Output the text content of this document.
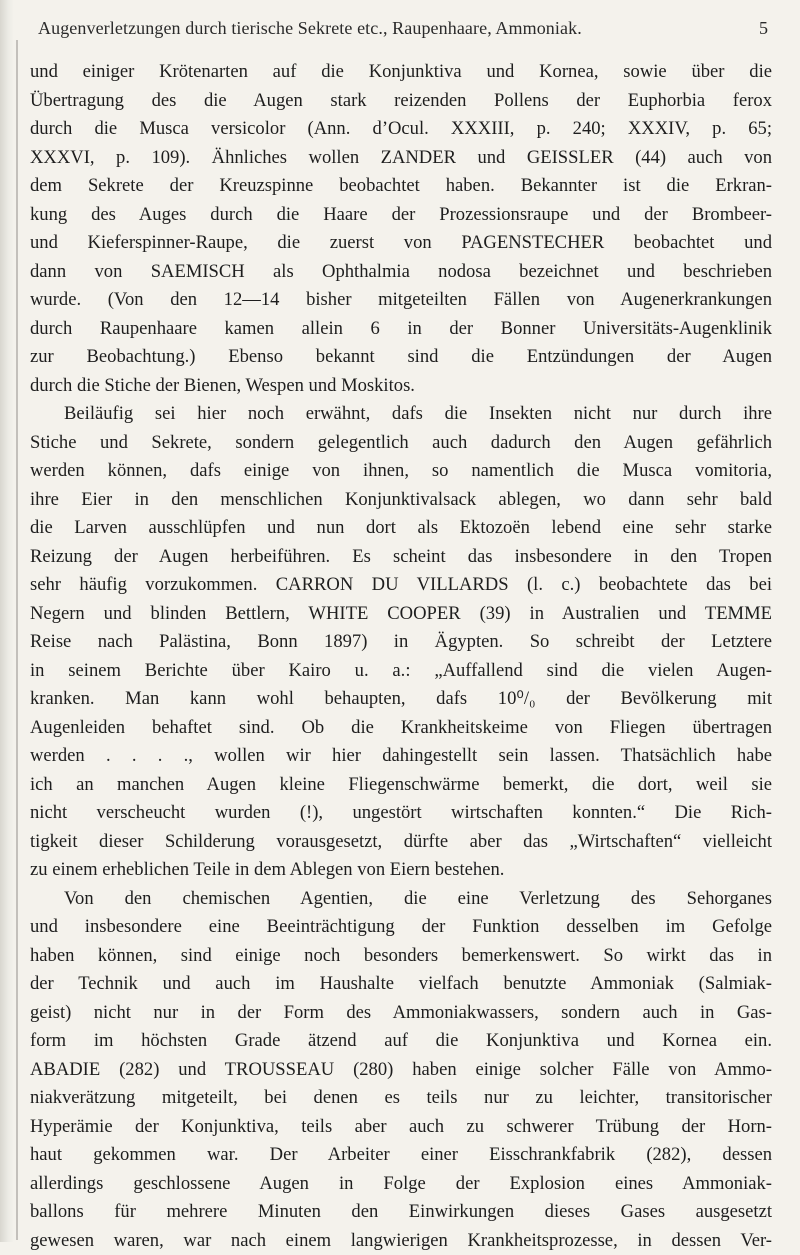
Augenverletzungen durch tierische Sekrete etc., Raupenhaare, Ammoniak.	5
und einiger Krötenarten auf die Konjunktiva und Kornea, sowie über die
Übertragung des die Augen stark reizenden Pollens der Euphorbia ferox
durch die Musca versicolor (Ann. d’Ocul. XXXIII, p. 240; XXXIV, p. 65;
XXXVI, p. 109). Ähnliches wollen ZANDER und GEISSLER (44) auch von
dem Sekrete der Kreuzspinne beobachtet haben. Bekannter ist die Erkran-
kung des Auges durch die Haare der Prozessionsraupe und der Brombeer-
und Kieferspinner-Raupe, die zuerst von PAGENSTECHER beobachtet und
dann von SAEMISCH als Ophthalmia nodosa bezeichnet und beschrieben
wurde. (Von den 12—14 bisher mitgeteilten Fällen von Augenerkrankungen
durch Raupenhaare kamen allein 6 in der Bonner Universitäts-Augenklinik
zur Beobachtung.) Ebenso bekannt sind die Entzündungen der Augen
durch die Stiche der Bienen, Wespen und Moskitos.
Beiläufig sei hier noch erwähnt, dafs die Insekten nicht nur durch ihre
Stiche und Sekrete, sondern gelegentlich auch dadurch den Augen gefährlich
werden können, dafs einige von ihnen, so namentlich die Musca vomitoria,
ihre Eier in den menschlichen Konjunktivalsack ablegen, wo dann sehr bald
die Larven ausschlüpfen und nun dort als Ektozoën lebend eine sehr starke
Reizung der Augen herbeiführen. Es scheint das insbesondere in den Tropen
sehr häufig vorzukommen. CARRON DU VILLARDS (l. c.) beobachtete das bei
Negern und blinden Bettlern, WHITE COOPER (39) in Australien und TEMME
Reise nach Palästina, Bonn 1897) in Ägypten. So schreibt der Letztere
in seinem Berichte über Kairo u. a.: „Auffallend sind die vielen Augen-
kranken. Man kann wohl behaupten, dafs 10⁰/₀ der Bevölkerung mit
Augenleiden behaftet sind. Ob die Krankheitskeime von Fliegen übertragen
werden . . . ., wollen wir hier dahingestellt sein lassen. Thatsächlich habe
ich an manchen Augen kleine Fliegenschwärme bemerkt, die dort, weil sie
nicht verscheucht wurden (!), ungestört wirtschaften konnten.“ Die Rich-
tigkeit dieser Schilderung vorausgesetzt, dürfte aber das „Wirtschaften“ vielleicht
zu einem erheblichen Teile in dem Ablegen von Eiern bestehen.
Von den chemischen Agentien, die eine Verletzung des Sehorganes
und insbesondere eine Beeinträchtigung der Funktion desselben im Gefolge
haben können, sind einige noch besonders bemerkenswert. So wirkt das in
der Technik und auch im Haushalte vielfach benutzte Ammoniak (Salmiak-
geist) nicht nur in der Form des Ammoniakwassers, sondern auch in Gas-
form im höchsten Grade ätzend auf die Konjunktiva und Kornea ein.
ABADIE (282) und TROUSSEAU (280) haben einige solcher Fälle von Ammo-
niakverätzung mitgeteilt, bei denen es teils nur zu leichter, transitorischer
Hyperämie der Konjunktiva, teils aber auch zu schwerer Trübung der Horn-
haut gekommen war. Der Arbeiter einer Eisschrankfabrik (282), dessen
allerdings geschlossene Augen in Folge der Explosion eines Ammoniak-
ballons für mehrere Minuten den Einwirkungen dieses Gases ausgesetzt
gewesen waren, war nach einem langwierigen Krankheitsprozesse, in dessen Ver-
